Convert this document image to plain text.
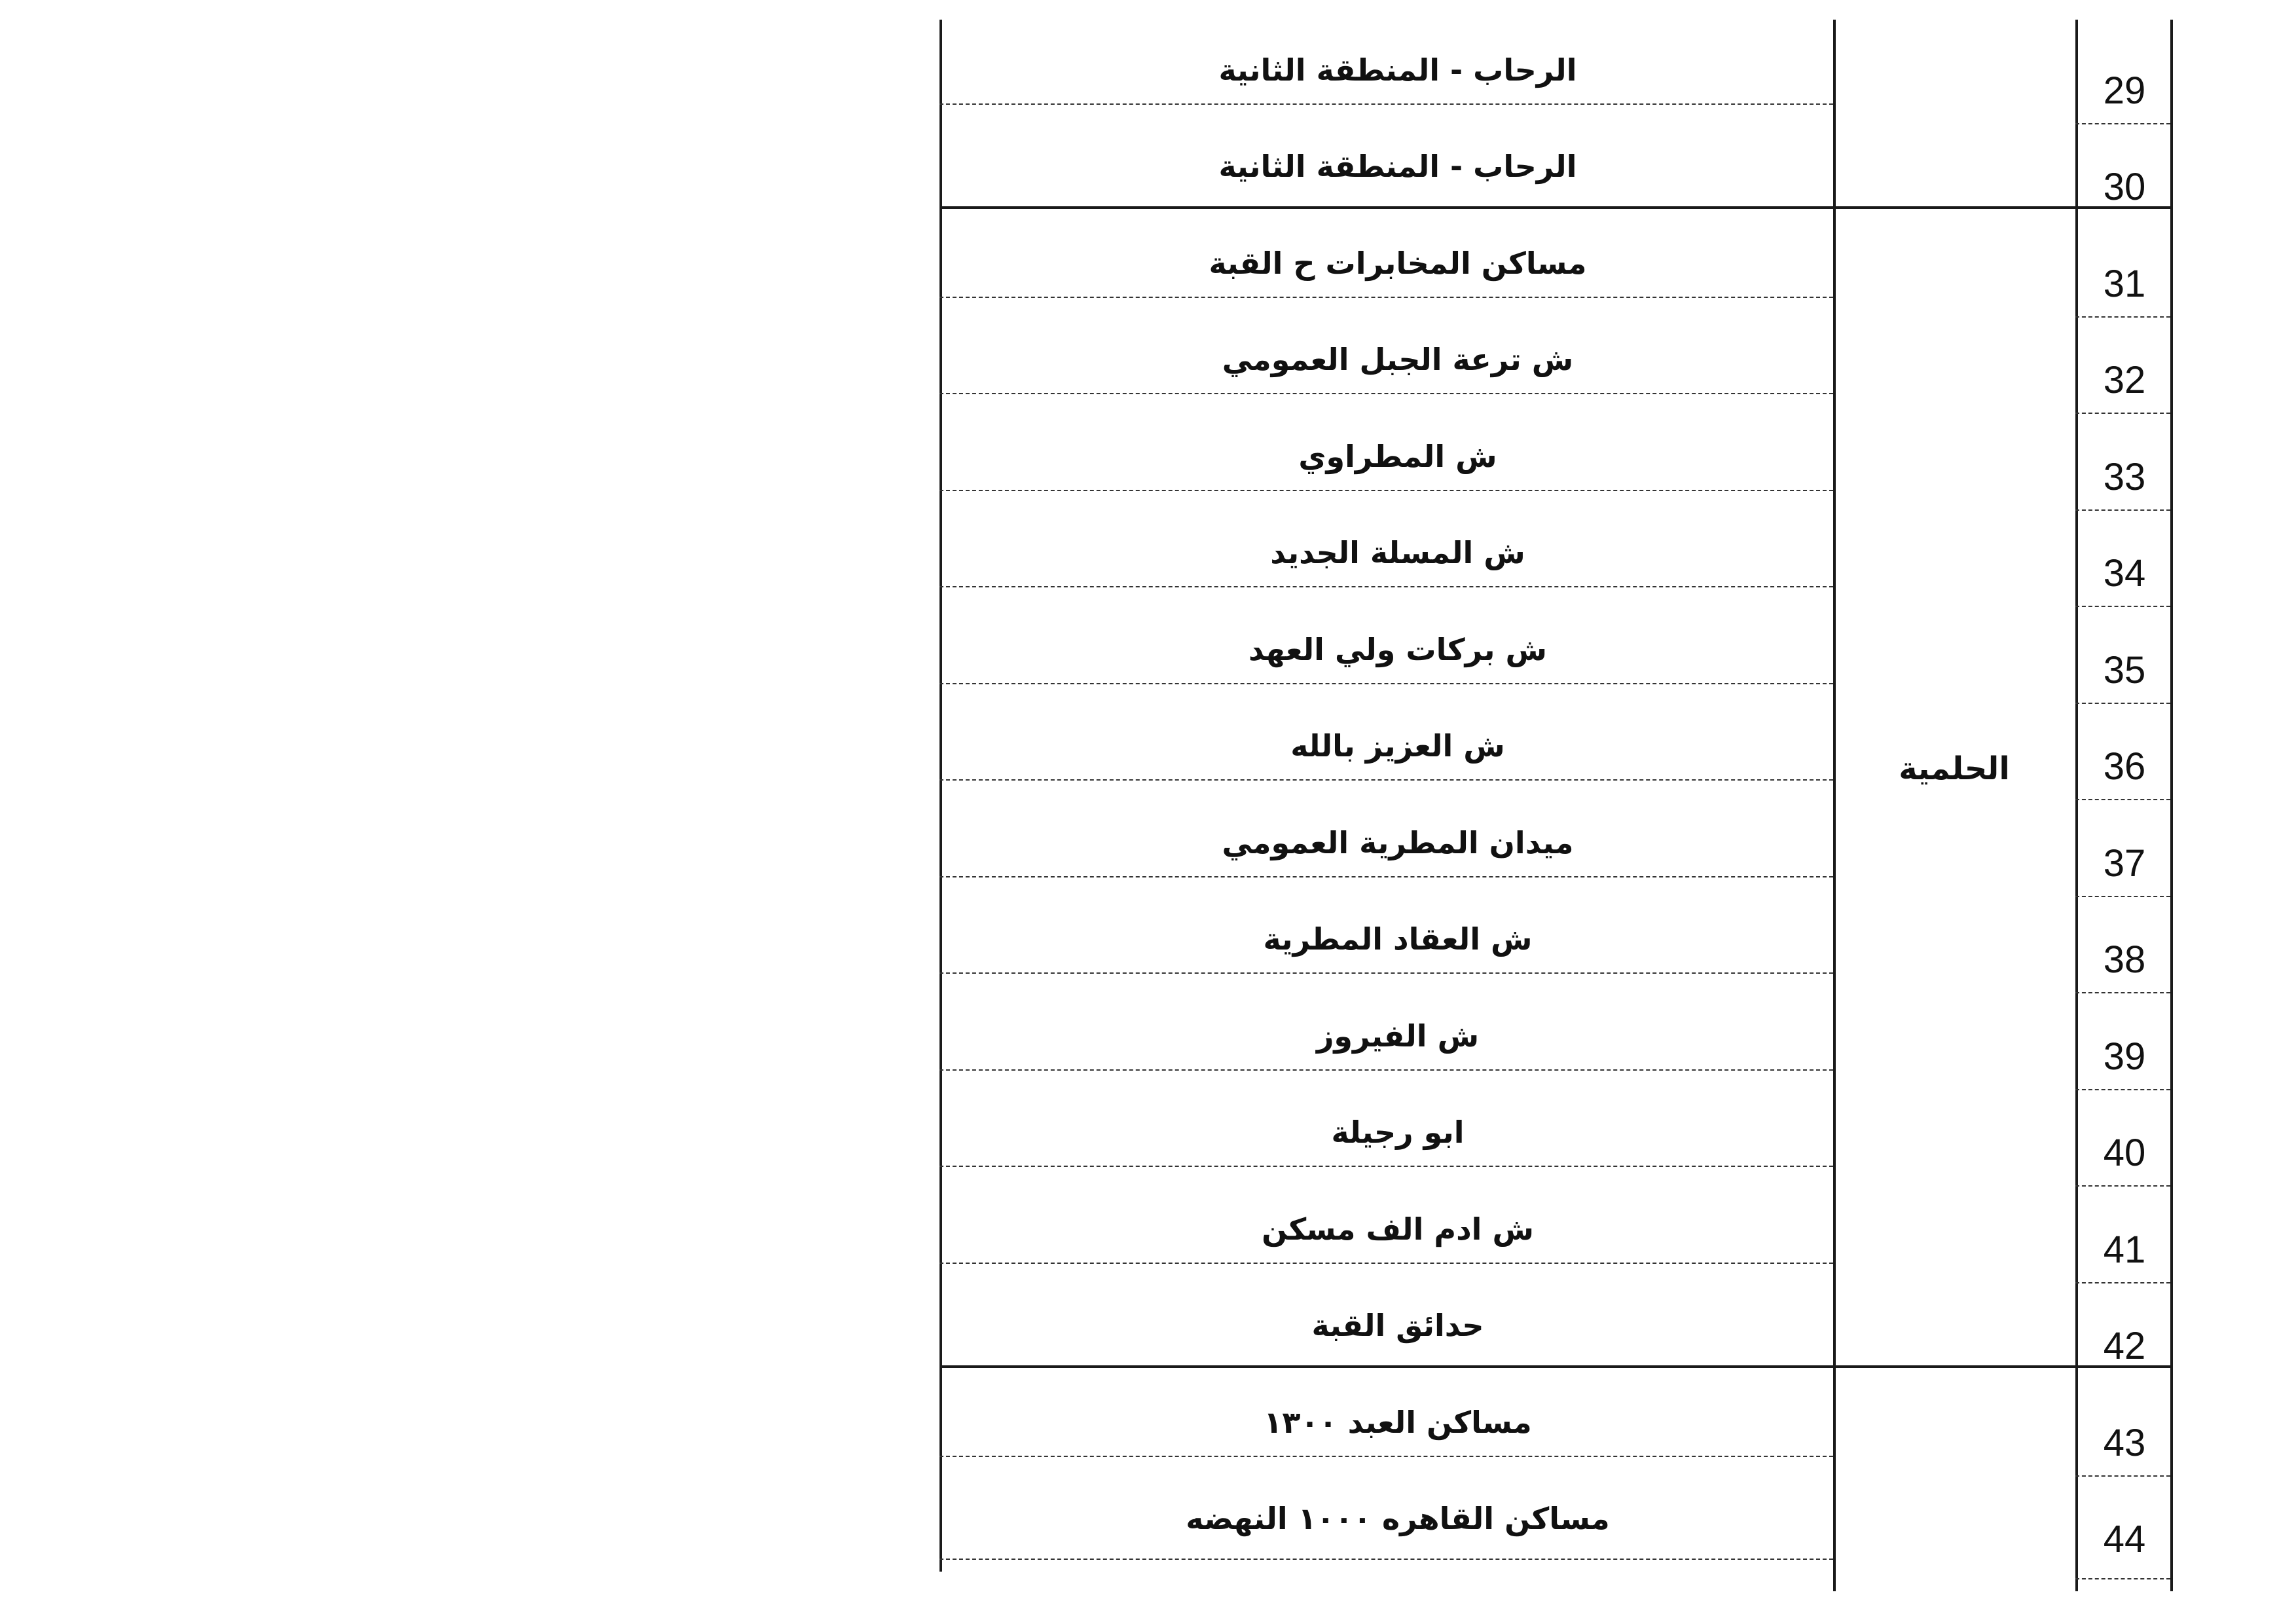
29
الرحاب - المنطقة الثانية
30
الرحاب - المنطقة الثانية
31
مساكن المخابرات ح القبة
32
ش ترعة الجبل العمومي
33
ش المطراوي
34
ش المسلة الجديد
35
ش بركات ولي العهد
36
ش العزيز بالله
37
ميدان المطرية العمومي
38
ش العقاد المطرية
39
ش الفيروز
40
ابو رجيلة
41
ش ادم الف مسكن
42
حدائق القبة
43
مساكن العبد ١٣٠٠
44
مساكن القاهره ١٠٠٠ النهضه
الحلمية
